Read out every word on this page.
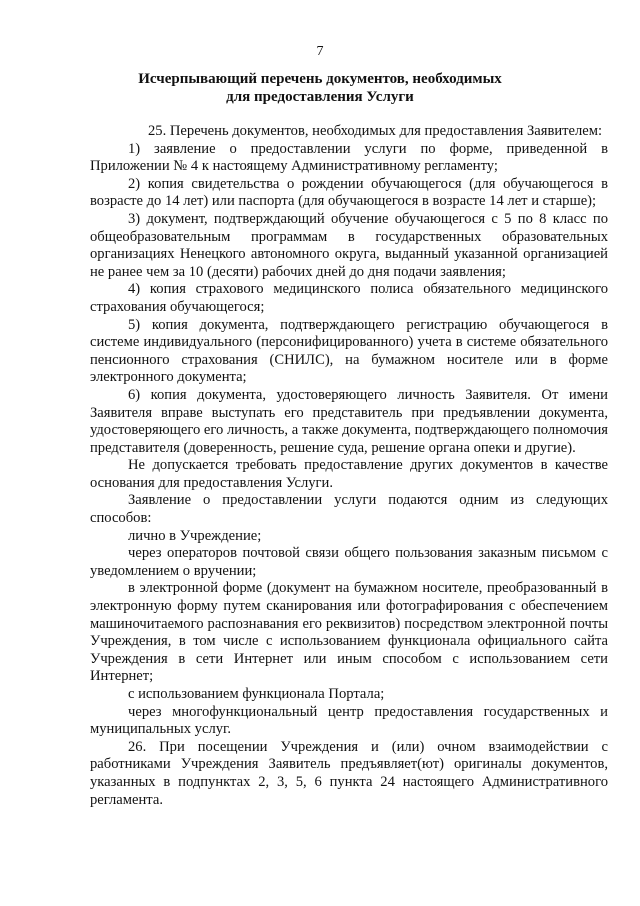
7
Исчерпывающий перечень документов, необходимых
для предоставления Услуги

25. Перечень документов, необходимых для предоставления Заявителем:

1) заявление о предоставлении услуги по форме, приведенной в Приложении № 4 к настоящему Административному регламенту;

2) копия свидетельства о рождении обучающегося (для обучающегося в возрасте до 14 лет) или паспорта (для обучающегося в возрасте 14 лет и старше);

3) документ, подтверждающий обучение обучающегося с 5 по 8 класс по общеобразовательным программам в государственных образовательных организациях Ненецкого автономного округа, выданный указанной организацией не ранее чем за 10 (десяти) рабочих дней до дня подачи заявления;

4) копия страхового медицинского полиса обязательного медицинского страхования обучающегося;

5) копия документа, подтверждающего регистрацию обучающегося в системе индивидуального (персонифицированного) учета в системе обязательного пенсионного страхования (СНИЛС), на бумажном носителе или в форме электронного документа;

6) копия документа, удостоверяющего личность Заявителя. От имени Заявителя вправе выступать его представитель при предъявлении документа, удостоверяющего его личность, а также документа, подтверждающего полномочия представителя (доверенность, решение суда, решение органа опеки и другие).

Не допускается требовать предоставление других документов в качестве основания для предоставления Услуги.

Заявление о предоставлении услуги подаются одним из следующих способов:

лично в Учреждение;

через операторов почтовой связи общего пользования заказным письмом с уведомлением о вручении;

в электронной форме (документ на бумажном носителе, преобразованный в электронную форму путем сканирования или фотографирования с обеспечением машиночитаемого распознавания его реквизитов) посредством электронной почты Учреждения, в том числе с использованием функционала официального сайта Учреждения в сети Интернет или иным способом с использованием сети Интернет;

с использованием функционала Портала;

через многофункциональный центр предоставления государственных и муниципальных услуг.

26. При посещении Учреждения и (или) очном взаимодействии с работниками Учреждения Заявитель предъявляет(ют) оригиналы документов, указанных в подпунктах 2, 3, 5, 6 пункта 24 настоящего Административного регламента.
